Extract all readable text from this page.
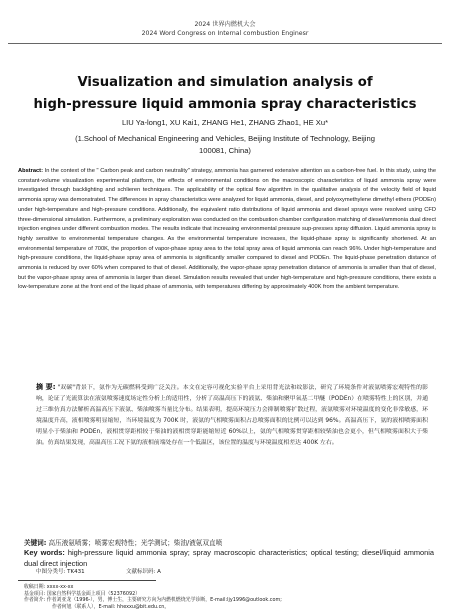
2024 世界内燃机大会
2024 Word Congress on Internal combustion Enginesr
Visualization and simulation analysis of
high-pressure liquid ammonia spray characteristics
LIU Ya-long1, XU Kai1, ZHANG He1, ZHANG Zhao1, HE Xu*
(1.School of Mechanical Engineering and Vehicles, Beijing Institute of Technology, Beijing 100081, China)
Abstract: In the context of the " Carbon peak and carbon neutrality" strategy, ammonia has garnered extensive attention as a carbon-free fuel. In this study, using the constant-volume visualization experimental platform, the effects of environmental conditions on the macroscopic characteristics of liquid ammonia spray were investigated through backlighting and schlieren techniques. The applicability of the optical flow algorithm in the qualitative analysis of the velocity field of liquid ammonia spray was demonstrated. The differences in spray characteristics were analyzed for liquid ammonia, diesel, and polyoxymethylene dimethyl ethers (PODEn) under high-temperature and high-pressure conditions. Additionally, the equivalent ratio distributions of liquid ammonia and diesel sprays were resolved using CFD three-dimensional simulation. Furthermore, a preliminary exploration was conducted on the combustion chamber configuration matching of diesel/ammonia dual direct injection engines under different combustion modes. The results indicate that increasing environmental pressure sup-presses spray diffusion. Liquid ammonia spray is highly sensitive to environmental temperature changes. As the environmental temperature increases, the liquid-phase spray is significantly shortened. At an environmental temperature of 700K, the proportion of vapor-phase spray area to the total spray area of liquid ammonia can reach 96%. Under high-temperature and high-pressure conditions, the liquid-phase spray area of ammonia is significantly smaller compared to diesel and PODEn. The liquid-phase penetration distance of ammonia is reduced by over 60% when compared to that of diesel. Additionally, the vapor-phase spray penetration distance of ammonia is smaller than that of diesel, but the vapor-phase spray area of ammonia is larger than diesel. Simulation results revealed that under high-temperature and high-pressure conditions, there exists a low-temperature zone at the front end of the liquid phase of ammonia, with temperatures differing by approximately 400K from the ambient temperature.
摘 要: "双碳"背景下，氨作为无碳燃料受到广泛关注。本文在定容可视化实验平台上采用背光法和纹影法，研究了环境条件对液氨喷雾宏观特性的影响，论证了光流算法在液氨喷雾速度场定性分析上的适用性，分析了高温高压下的液氨、柴油和聚甲氧基二甲醚（PODEn）在喷雾特性上的区别，并通过三维仿真方法解析高温高压下液氨、柴油喷雾当量比分布。结果表明，提高环境压力会抑制喷雾扩散过程，液氨喷雾对环境温度的变化非常敏感，环境温度升高，液相喷雾明显缩短，当环境温度为 700K 时，液氨的气相喷雾面积占总喷雾面积的比例可以达到 96%。高温高压下，氨的液相喷雾面积明显小于柴油和 PODEn，液相贯穿距相较于柴油的液相贯穿距能缩短近 60%以上，氨的气相喷雾贯穿距相较柴油也会更小，但气相喷雾面积大于柴油。仿真结果发现，高温高压工况下氨的液相前端处存在一个低温区，该位置的温度与环境温度相差达 400K 左右。
关键词: 高压液氨喷雾；喷雾宏观特性；光学测试；柴油/液氨双直喷
Key words: high-pressure liquid ammonia spray; spray macroscopic characteristics; optical testing; diesel/liquid ammonia dual direct injection
中图分类号: TK431	文献标识码: A
收稿日期: xxxx-xx-xx
基金项目: 国家自然科学基金面上项目（52376092）
作者简介: 作者刘亚龙（1996-），男，博士生，主要研究方向为内燃机燃烧光学诊断，E-mail:ljy1996@outlook.com;
作者何旭（联系人），E-mail: hhexxu@bit.edu.cn。
